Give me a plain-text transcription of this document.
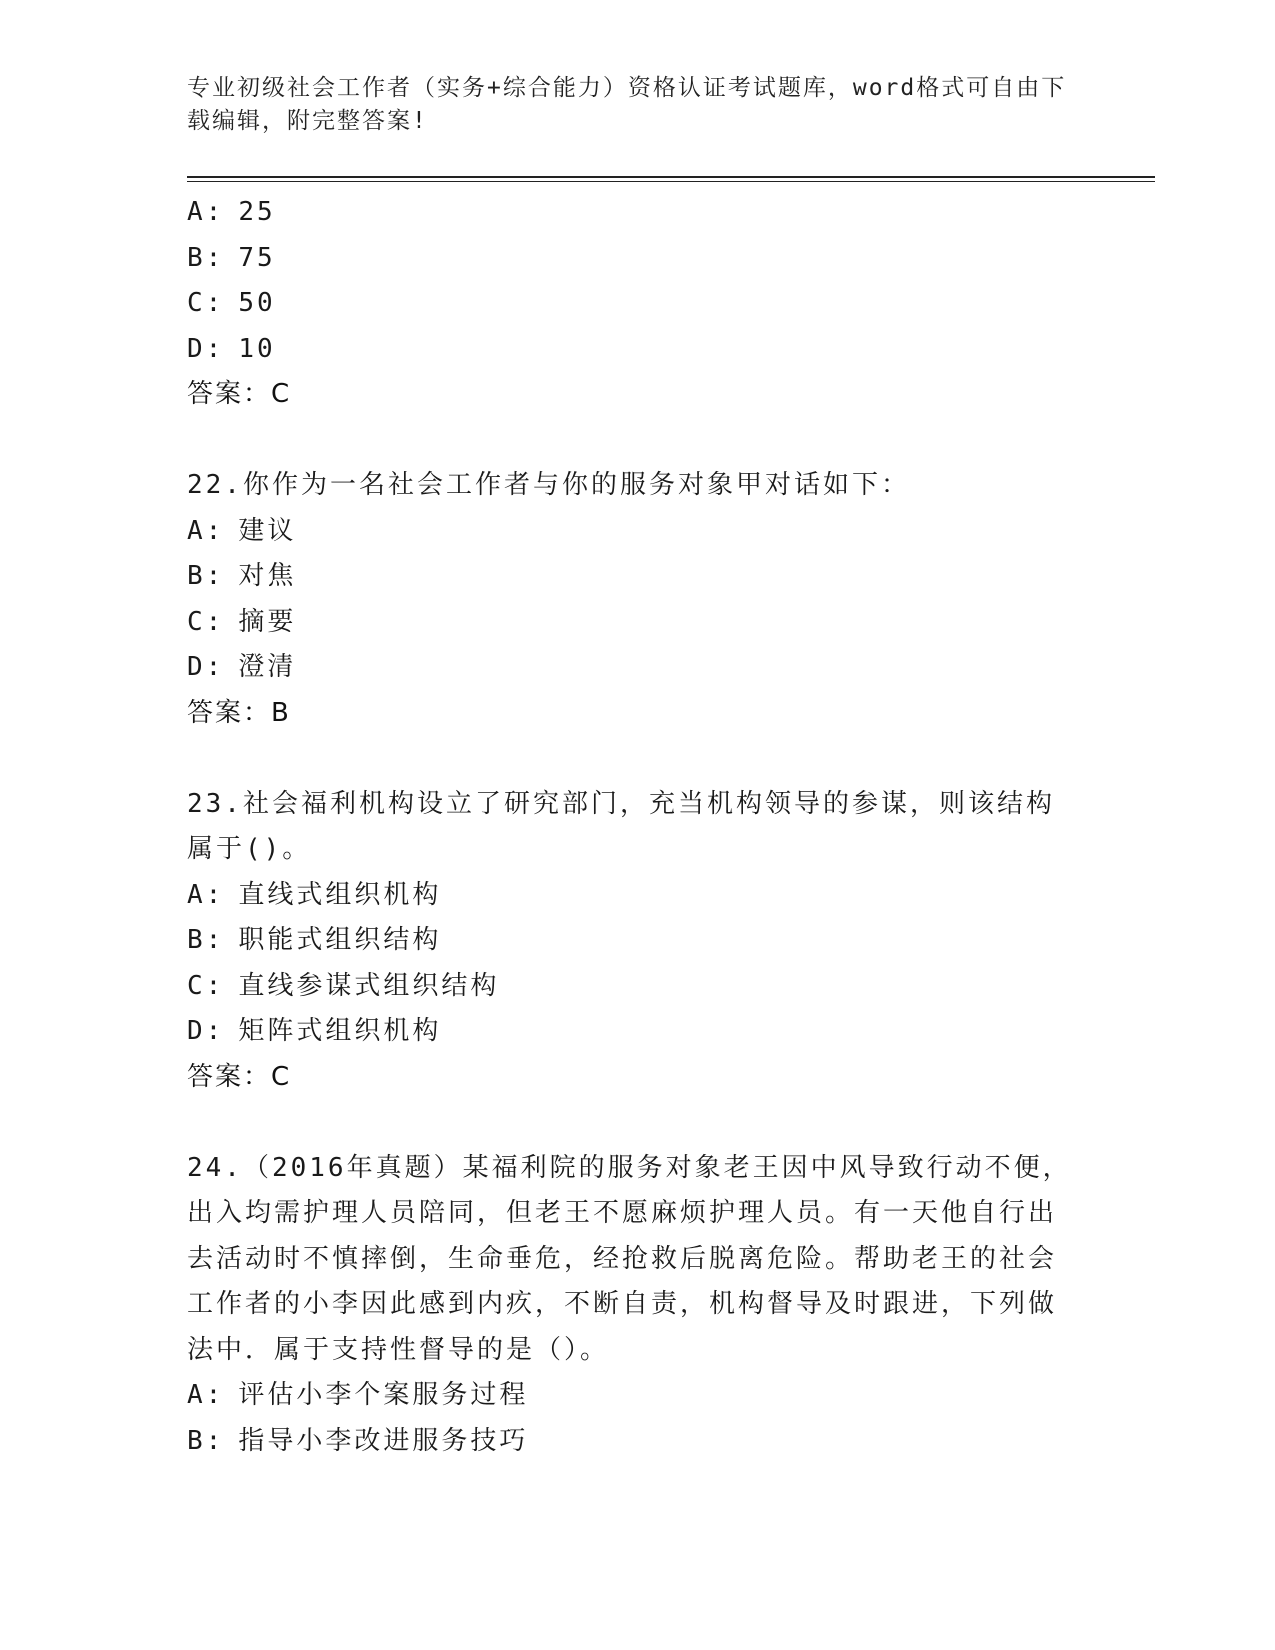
专业初级社会工作者（实务+综合能力）资格认证考试题库，word格式可自由下载编辑，附完整答案!
A: 25
B: 75
C: 50
D: 10
答案：C
22.你作为一名社会工作者与你的服务对象甲对话如下：
A: 建议
B: 对焦
C: 摘要
D: 澄清
答案：B
23.社会福利机构设立了研究部门，充当机构领导的参谋，则该结构属于()。
A: 直线式组织机构
B: 职能式组织结构
C: 直线参谋式组织结构
D: 矩阵式组织机构
答案：C
24.（2016年真题）某福利院的服务对象老王因中风导致行动不便，出入均需护理人员陪同，但老王不愿麻烦护理人员。有一天他自行出去活动时不慎摔倒，生命垂危，经抢救后脱离危险。帮助老王的社会工作者的小李因此感到内疚，不断自责，机构督导及时跟进，下列做法中．属于支持性督导的是（）。
A: 评估小李个案服务过程
B: 指导小李改进服务技巧
